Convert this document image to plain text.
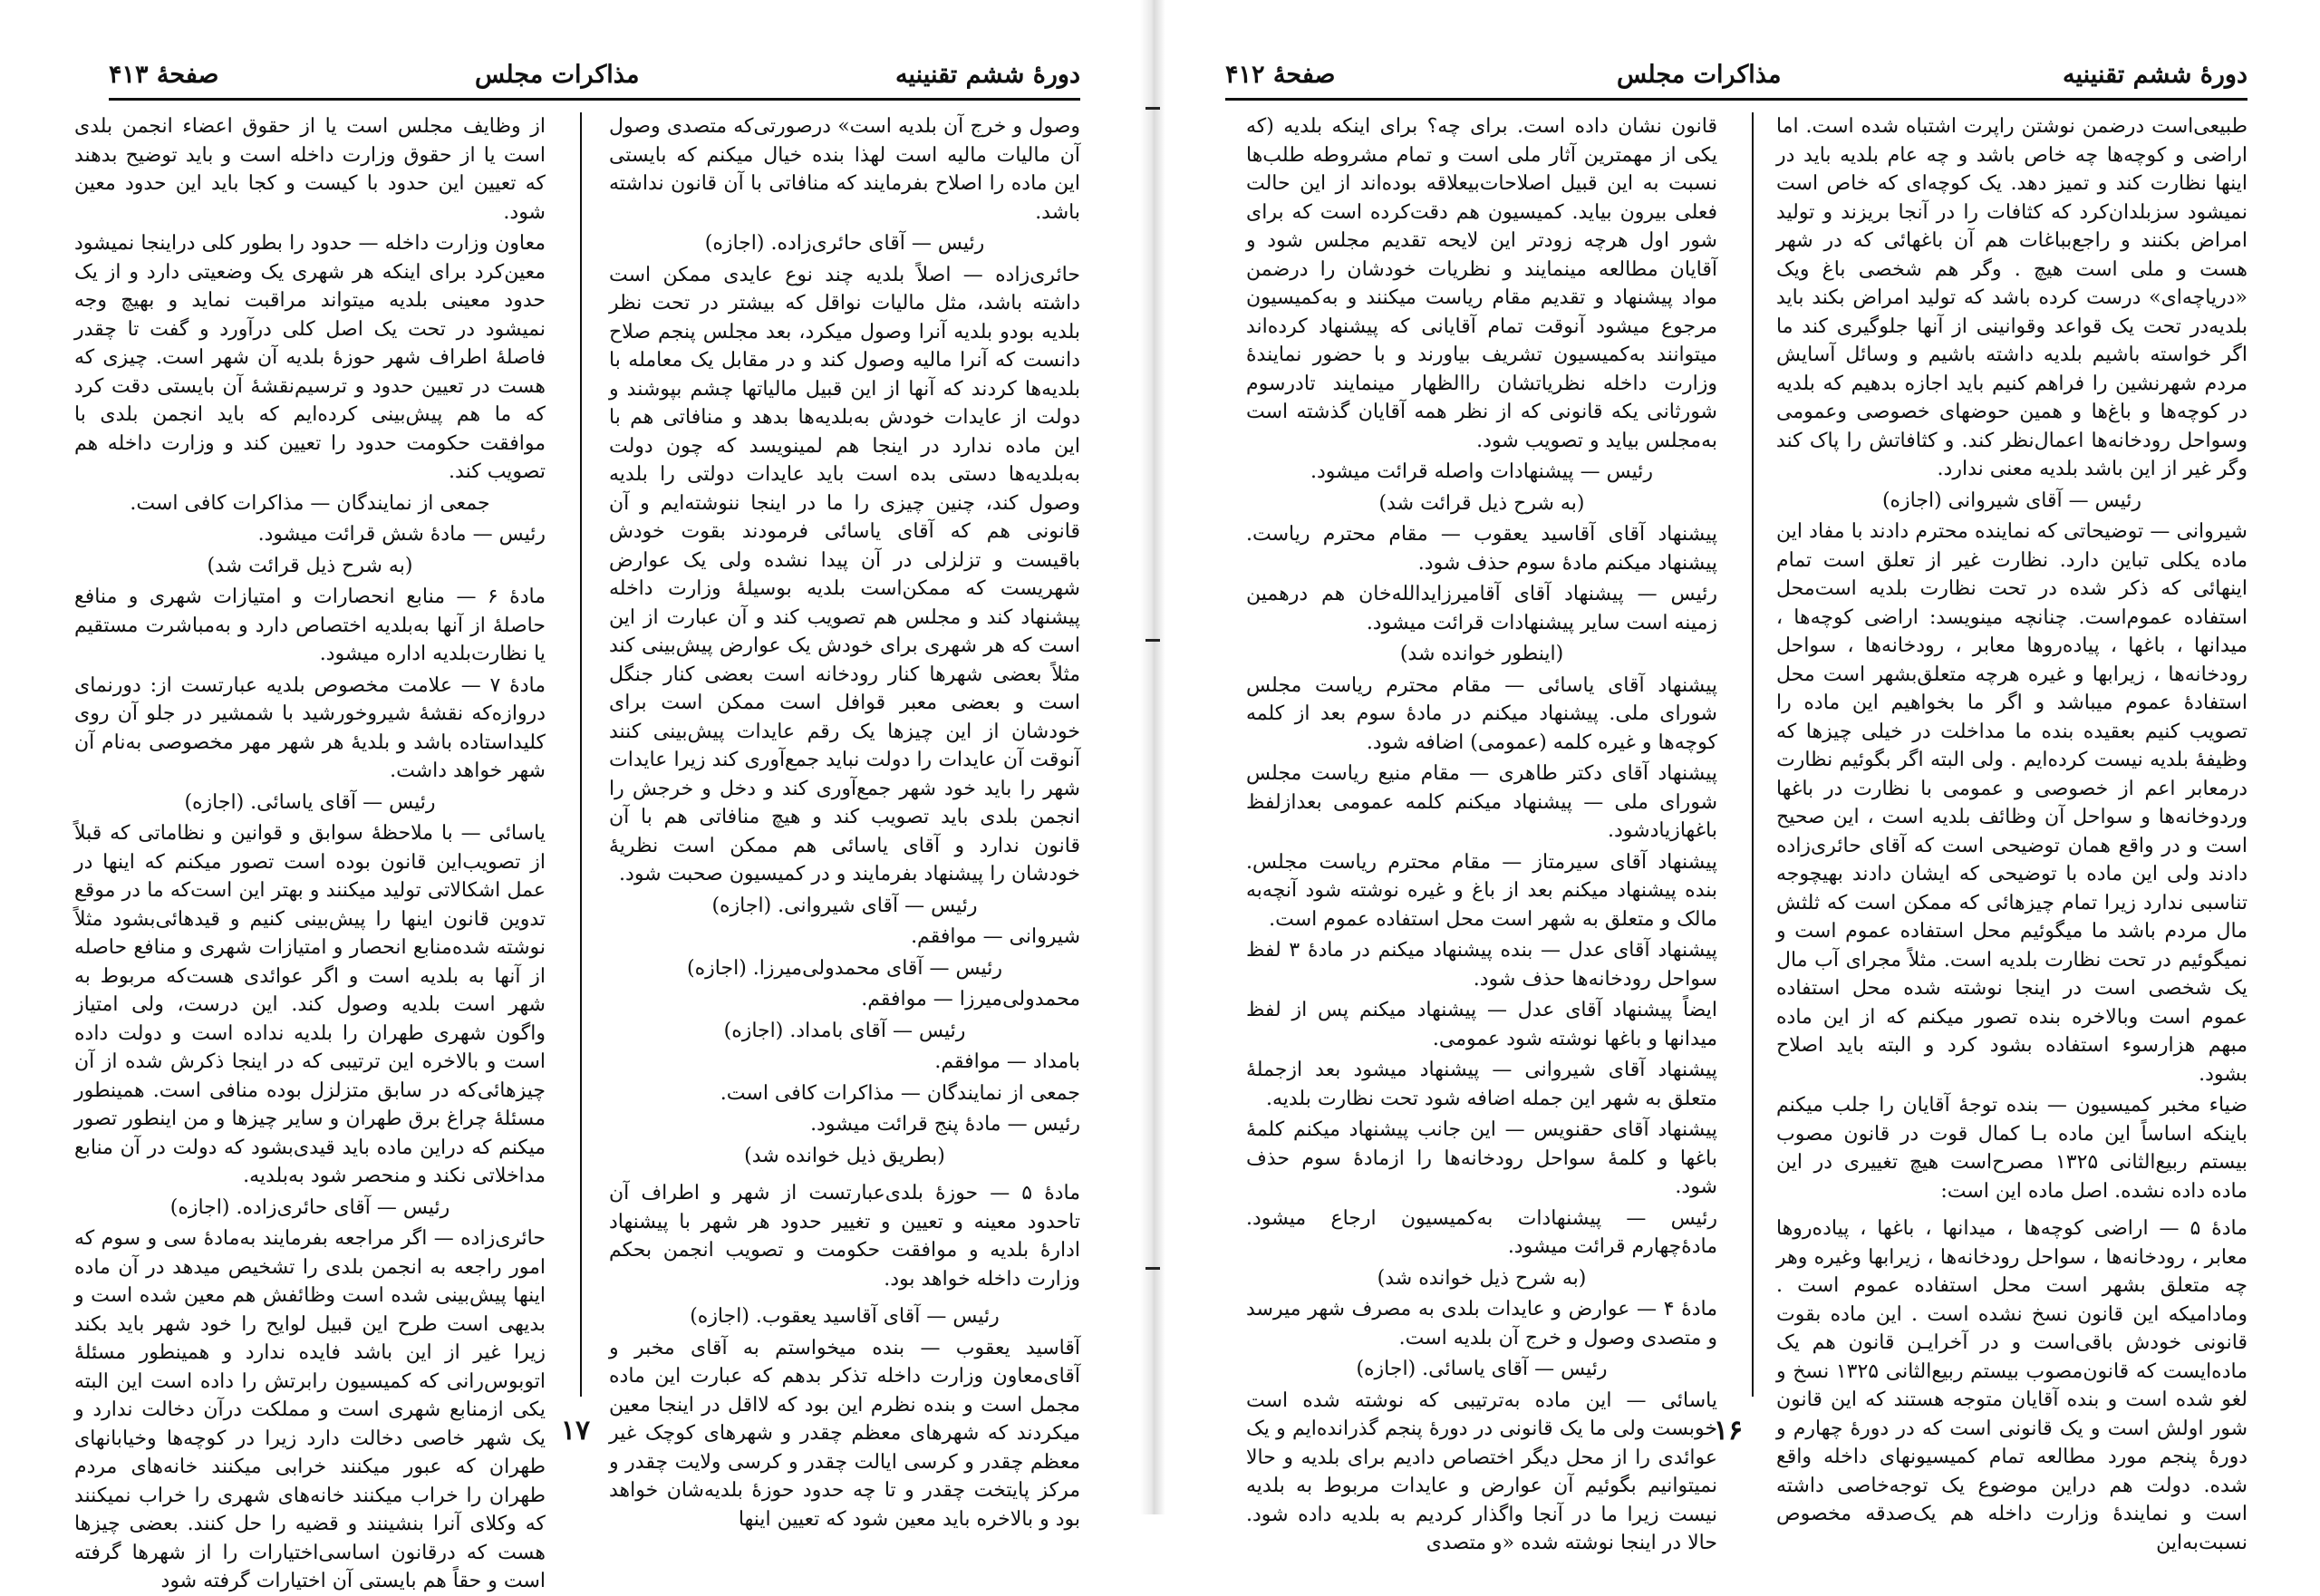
دورهٔ ششم تقنینیه
مذاکرات مجلس
صفحهٔ ۴۱۳

وصول و خرج آن بلدیه است» درصورتی‌که متصدی وصول آن مالیات مالیه است لهذا بنده خیال میکنم که بایستی این ماده را اصلاح بفرمایند که منافاتی با آن قانون نداشته باشد.

رئیس — آقای حائری‌زاده. (اجازه)

حائری‌زاده — اصلاً بلدیه چند نوع عایدی ممکن است داشته باشد، مثل مالیات نواقل که بیشتر در تحت نظر بلدیه بودو بلدیه آنرا وصول میکرد، بعد مجلس پنجم صلاح دانست که آنرا مالیه وصول کند و در مقابل یک معامله با بلدیه‌ها کردند که آنها از این قبیل مالیاتها چشم بپوشند و دولت از عایدات خودش به‌بلدیه‌ها بدهد و منافاتی هم با این ماده ندارد در اینجا هم لمینویسد که چون دولت به‌بلدیه‌ها دستی بده است باید عایدات دولتی را بلدیه وصول کند، چنین چیزی را ما در اینجا ننوشته‌ایم و آن قانونی هم که آقای یاسائی فرمودند بقوت خودش باقیست و تزلزلی در آن پیدا نشده ولی یک عوارض شهریست که ممکن‌است بلدیه بوسیلهٔ وزارت داخله پیشنهاد کند و مجلس هم تصویب کند و آن عبارت از این است که هر شهری برای خودش یک عوارض پیش‌بینی کند مثلاً بعضی شهرها کنار رودخانه است بعضی کنار جنگل است و بعضی معبر قوافل است ممکن است برای خودشان از این چیزها یک رقم عایدات پیش‌بینی کنند آنوقت آن عایدات را دولت نباید جمع‌آوری کند زیرا عایدات شهر را باید خود شهر جمع‌آوری کند و دخل و خرجش را انجمن بلدی باید تصویب کند و هیچ منافاتی هم با آن قانون ندارد و آقای یاسائی هم ممکن است نظریهٔ خودشان را پیشنهاد بفرمایند و در کمیسیون صحبت شود.

رئیس — آقای شیروانی. (اجازه)

شیروانی — موافقم.

رئیس — آقای محمدولی‌میرزا. (اجازه)

محمدولی‌میرزا — موافقم.

رئیس — آقای بامداد. (اجازه)

بامداد — موافقم.

جمعی از نمایندگان — مذاکرات کافی است.

رئیس — مادهٔ پنج قرائت میشود.

(بطریق ذیل خوانده شد)

مادهٔ ۵ — حوزهٔ بلدی‌عبارتست از شهر و اطراف آن تاحدود معینه و تعیین و تغییر حدود هر شهر با پیشنهاد ادارهٔ بلدیه و موافقت حکومت و تصویب انجمن بحکم وزارت داخله خواهد بود.

رئیس — آقای آقاسید یعقوب. (اجازه)

آقاسید یعقوب — بنده میخواستم به آقای مخبر و آقای‌معاون وزارت داخله تذکر بدهم که عبارت این ماده مجمل است و بنده نظرم این بود که لااقل در اینجا معین میکردند که شهرهای معظم چقدر و شهرهای کوچک غیر معظم چقدر و کرسی ایالت چقدر و کرسی ولایت چقدر و مرکز پایتخت چقدر و تا چه حدود حوزهٔ بلدیه‌شان خواهد بود و بالاخره باید معین شود که تعیین اینها

از وظایف مجلس است یا از حقوق اعضاء انجمن بلدی است یا از حقوق وزارت داخله است و باید توضیح بدهند که تعیین این حدود با کیست و کجا باید این حدود معین شود.

معاون وزارت داخله — حدود را بطور کلی دراینجا نمیشود معین‌کرد برای اینکه هر شهری یک وضعیتی دارد و از یک حدود معینی بلدیه میتواند مراقبت نماید و بهیچ وجه نمیشود در تحت یک اصل کلی درآورد و گفت تا چقدر فاصلهٔ اطراف شهر حوزهٔ بلدیه آن شهر است. چیزی که هست در تعیین حدود و ترسیم‌نقشهٔ آن بایستی دقت کرد که ما هم پیش‌بینی کرده‌ایم که باید انجمن بلدی با موافقت حکومت حدود را تعیین کند و وزارت داخله هم تصویب کند.

جمعی از نمایندگان — مذاکرات کافی است.

رئیس — مادهٔ شش قرائت میشود.

(به شرح ذیل قرائت شد)

مادهٔ ۶ — منابع انحصارات و امتیازات شهری و منافع حاصلهٔ از آنها به‌بلدیه اختصاص دارد و به‌مباشرت مستقیم یا نظارت‌بلدیه اداره میشود.

مادهٔ ۷ — علامت مخصوص بلدیه عبارتست از: دورنمای دروازه‌که نقشهٔ شیروخورشید با شمشیر در جلو آن روی کلیدا‌ستاده باشد و بلدیهٔ هر شهر مهر مخصوصی به‌نام آن شهر خواهد داشت.

رئیس — آقای یاسائی. (اجازه)

یاسائی — با ملاحظهٔ سوابق و قوانین و نظاماتی که قبلاً از تصویب‌این قانون بوده است تصور میکنم که اینها در عمل اشکالاتی تولید میکنند و بهتر این است‌که ما در موقع تدوین قانون اینها را پیش‌بینی کنیم و قیدهائی‌بشود مثلاً نوشته شده‌منابع انحصار و امتیازات شهری و منافع حاصله از آنها به بلدیه است و اگر عوائدی هست‌که مربوط به شهر است بلدیه وصول کند. این درست، ولی امتیاز واگون شهری طهران را بلدیه نداده است و دولت داده است و بالاخره این ترتیبی که در اینجا ذکرش شده از آن چیزهائی‌که در سابق متزلزل بوده منافی است. همینطور مسئلهٔ چراغ برق طهران و سایر چیزها و من اینطور تصور میکنم که دراین ماده باید قیدی‌بشود که دولت در آن منابع مداخلاتی نکند و منحصر شود به‌بلدیه.

رئیس — آقای حائری‌زاده. (اجازه)

حائری‌زاده — اگر مراجعه بفرمایند به‌مادهٔ سی و سوم که امور راجعه به انجمن بلدی را تشخیص میدهد در آن ماده اینها پیش‌بینی شده است وظائفش هم معین شده است و بدیهی است طرح این قبیل لوایح را خود شهر باید بکند زیرا غیر از این باشد فایده ندارد و همینطور مسئلهٔ اتوبوس‌رانی که کمیسیون رابرتش را داده است این البته یکی ازمنابع شهری است و مملکت درآن دخالت ندارد و یک شهر خاصی دخالت دارد زیرا در کوچه‌ها وخیابانهای طهران که عبور میکنند خرابی میکنند خانه‌های مردم طهران را خراب میکنند خانه‌های شهری را خراب نمیکنند که وکلای آنرا بنشینند و قضیه را حل کنند. بعضی چیزها هست که درقانون اساسی‌اختیارات را از شهرها گرفته است و حقاً هم بایستی آن اختیارات گرفته شود

۱۷
دورهٔ ششم تقنینیه
مذاکرات مجلس
صفحهٔ ۴۱۲

طبیعی‌است درضمن نوشتن راپرت اشتباه شده است. اما اراضی و کوچه‌ها چه خاص باشد و چه عام بلدیه باید در اینها نظارت کند و تمیز دهد. یک کوچه‌ای که خاص است نمیشود سزبلدان‌کرد که کثافات را در آنجا بریزند و تولید امراض بکنند و راجع‌بباغات هم آن باغهائی که در شهر هست و ملی است هیچ . وگر هم شخصی باغ ویک «دریاچه‌ای» درست کرده باشد که تولید امراض بکند باید بلدیه‌در تحت یک قواعد وقوانینی از آنها جلوگیری کند ما اگر خواسته باشیم بلدیه داشته باشیم و وسائل آسایش مردم شهرنشین را فراهم کنیم باید اجازه بدهیم که بلدیه در کوچه‌ها و باغ‌ها و همین حوضهای خصوصی وعمومی وسواحل رودخانه‌ها اعمال‌نظر کند. و کثافاتش را پاک کند وگر غیر از این باشد بلدیه معنی ندارد.

رئیس — آقای شیروانی (اجازه)

شیروانی — توضیحاتی که نماینده محترم دادند با مفاد این ماده یکلی تباین دارد. نظارت غیر از تعلق است تمام اینهائی که ذکر شده در تحت نظارت بلدیه است‌محل استفاده عموم‌است. چنانچه مینویسد: اراضی کوچه‌ها ، میدانها ، باغها ، پیاده‌روها معابر ، رودخانه‌ها ، سواحل رودخانه‌ها ، زیرابها و غیره هرچه متعلق‌بشهر است محل استفادهٔ عموم میباشد و اگر ما بخواهیم این ماده را تصویب کنیم بعقیده بنده ما مداخلت در خیلی چیزها که وظیفهٔ بلدیه نیست کرده‌ایم . ولی البته اگر بگوئیم نظارت درمعابر اعم از خصوصی و عمومی با نظارت در باغها وردوخانه‌ها و سواحل آن وظائف بلدیه است ، این صحیح است و در واقع همان توضیحی است که آقای حائری‌زاده دادند ولی این ماده با توضیحی که ایشان دادند بهیچوجه تناسبی ندارد زیرا تمام چیزهائی که ممکن است که ثلثش مال مردم باشد ما میگوئیم محل استفاده عموم است و نمیگوئیم در تحت نظارت بلدیه است. مثلاً مجرای آب مال یک شخصی است در اینجا نوشته شده محل استفاده عموم است وبالاخره بنده تصور میکنم که از این ماده مبهم هزارسوء استفاده بشود کرد و البته باید اصلاح بشود.

ضیاء مخبر کمیسیون — بنده توجهٔ آقایان را جلب میکنم باینکه اساساً این ماده بـا کمال قوت در قانون مصوب بیستم ربیع‌الثانی ۱۳۲۵ مصرح‌است هیچ تغییری در این ماده داده نشده. اصل ماده این است:

مادهٔ ۵ — اراضی کوچه‌ها ، میدانها ، باغها ، پیاده‌روها معابر ، رودخانه‌ها ، سواحل رودخانه‌ها ، زیرابها وغیره وهر چه متعلق بشهر است محل استفاده عموم است . ومادامیکه این قانون نسخ نشده است . این ماده بقوت قانونی خودش باقی‌است و در آخرایـن قانون هم یک ماده‌ایست که قانون‌مصوب بیستم ربیع‌الثانی ۱۳۲۵ نسخ و لغو شده است و بنده آقایان متوجه هستند که این قانون شور اولش است و یک قانونی است که در دورهٔ چهارم و دورهٔ پنجم مورد مطالعه تمام کمیسیونهای داخله واقع شده. دولت هم دراین موضوع یک توجه‌خاصی داشته است و نمایندهٔ وزارت داخله هم یک‌صدقه مخصوص نسبت‌به‌این

قانون نشان داده است. برای چه؟ برای اینکه بلدیه (که یکی از مهمترین آثار ملی است و تمام مشروطه طلب‌ها نسبت به این قبیل اصلاحات‌بیعلاقه بوده‌اند از این حالت فعلی بیرون بیاید. کمیسیون هم دقت‌کرده است که برای شور اول هرچه زودتر این لایحه تقدیم مجلس شود و آقایان مطالعه مینمایند و نظریات خودشان را درضمن مواد پیشنهاد و تقدیم مقام ریاست میکنند و به‌کمیسیون مرجوع میشود آنوقت تمام آقایانی که پیشنهاد کرده‌اند میتوانند به‌کمیسیون تشریف بیاورند و با حضور نمایندهٔ وزارت داخله نظریاتشان راالظهار مینمایند تادرسوم شورثانی یکه قانونی که از نظر همه آقایان گذشته است به‌مجلس بیاید و تصویب شود.

رئیس — پیشنهادات واصله قرائت میشود.

(به شرح ذیل قرائت شد)

پیشنهاد آقای آقاسید یعقوب — مقام محترم ریاست. پیشنهاد میکنم مادهٔ سوم حذف شود.

رئیس — پیشنهاد آقای آقامیرزایدالله‌خان هم درهمین زمینه است سایر پیشنهادات قرائت میشود.

(اینطور خوانده شد)

پیشنهاد آقای یاسائی — مقام محترم ریاست مجلس شورای ملی. پیشنهاد میکنم در مادهٔ سوم بعد از کلمه کوچه‌ها و غیره کلمه (عمومی) اضافه شود.

پیشنهاد آقای دکتر طاهری — مقام منیع ریاست مجلس شورای ملی — پیشنهاد میکنم کلمه عمومی بعدازلفظ باغهازیادشود.

پیشنهاد آقای سیرمتاز — مقام محترم ریاست مجلس. بنده پیشنهاد میکنم بعد از باغ و غیره نوشته شود آنچه‌به مالک و متعلق به شهر است محل استفاده عموم است.

پیشنهاد آقای عدل — بنده پیشنهاد میکنم در مادهٔ ۳ لفظ سواحل رودخانه‌ها حذف شود.

ایضاً پیشنهاد آقای عدل — پیشنهاد میکنم پس از لفظ میدانها و باغها نوشته شود عمومی.

پیشنهاد آقای شیروانی — پیشنهاد میشود بعد ازجملهٔ متعلق به شهر این جمله اضافه شود تحت نظارت بلدیه.

پیشنهاد آقای حقنویس — این جانب پیشنهاد میکنم کلمهٔ باغها و کلمهٔ سواحل رودخانه‌ها را ازمادهٔ سوم حذف شود.

رئیس — پیشنهادات به‌کمیسیون ارجاع میشود. مادهٔ‌چهارم قرائت میشود.

(به شرح ذیل خوانده شد)

مادهٔ ۴ — عوارض و عایدات بلدی به مصرف شهر میرسد و متصدی وصول و خرج آن بلدیه است.

رئیس — آقای یاسائی. (اجازه)

یاسائی — این ماده به‌ترتیبی که نوشته شده است خوبست ولی ما یک قانونی در دورهٔ پنجم گذرانده‌ایم و یک عوائدی را از محل دیگر اختصاص دادیم برای بلدیه و حالا نمیتوانیم بگوئیم آن عوارض و عایدات مربوط به بلدیه نیست زیرا ما در آنجا واگذار کردیم به بلدیه داده شود. حالا در اینجا نوشته شده «و متصدی

۱۶
